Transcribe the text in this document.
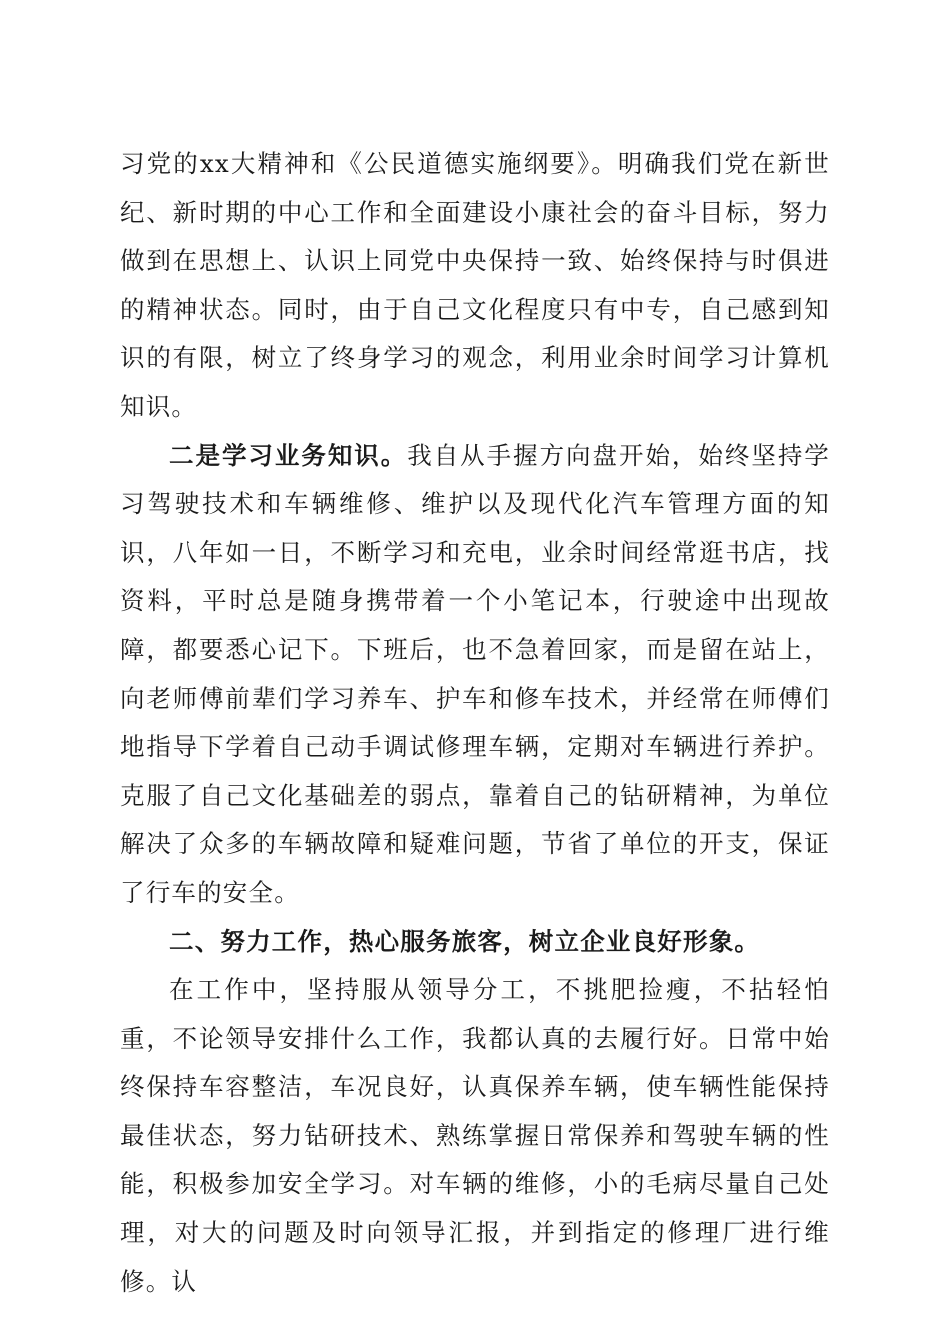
习党的xx大精神和《公民道德实施纲要》。明确我们党在新世纪、新时期的中心工作和全面建设小康社会的奋斗目标，努力做到在思想上、认识上同党中央保持一致、始终保持与时俱进的精神状态。同时，由于自己文化程度只有中专，自己感到知识的有限，树立了终身学习的观念，利用业余时间学习计算机知识。

二是学习业务知识。我自从手握方向盘开始，始终坚持学习驾驶技术和车辆维修、维护以及现代化汽车管理方面的知识，八年如一日，不断学习和充电，业余时间经常逛书店，找资料，平时总是随身携带着一个小笔记本，行驶途中出现故障，都要悉心记下。下班后，也不急着回家，而是留在站上，向老师傅前辈们学习养车、护车和修车技术，并经常在师傅们地指导下学着自己动手调试修理车辆，定期对车辆进行养护。克服了自己文化基础差的弱点，靠着自己的钻研精神，为单位解决了众多的车辆故障和疑难问题，节省了单位的开支，保证了行车的安全。

二、努力工作，热心服务旅客，树立企业良好形象。

在工作中，坚持服从领导分工，不挑肥捡瘦，不拈轻怕重，不论领导安排什么工作，我都认真的去履行好。日常中始终保持车容整洁，车况良好，认真保养车辆，使车辆性能保持最佳状态，努力钻研技术、熟练掌握日常保养和驾驶车辆的性能，积极参加安全学习。对车辆的维修，小的毛病尽量自己处理，对大的问题及时向领导汇报，并到指定的修理厂进行维修。认
